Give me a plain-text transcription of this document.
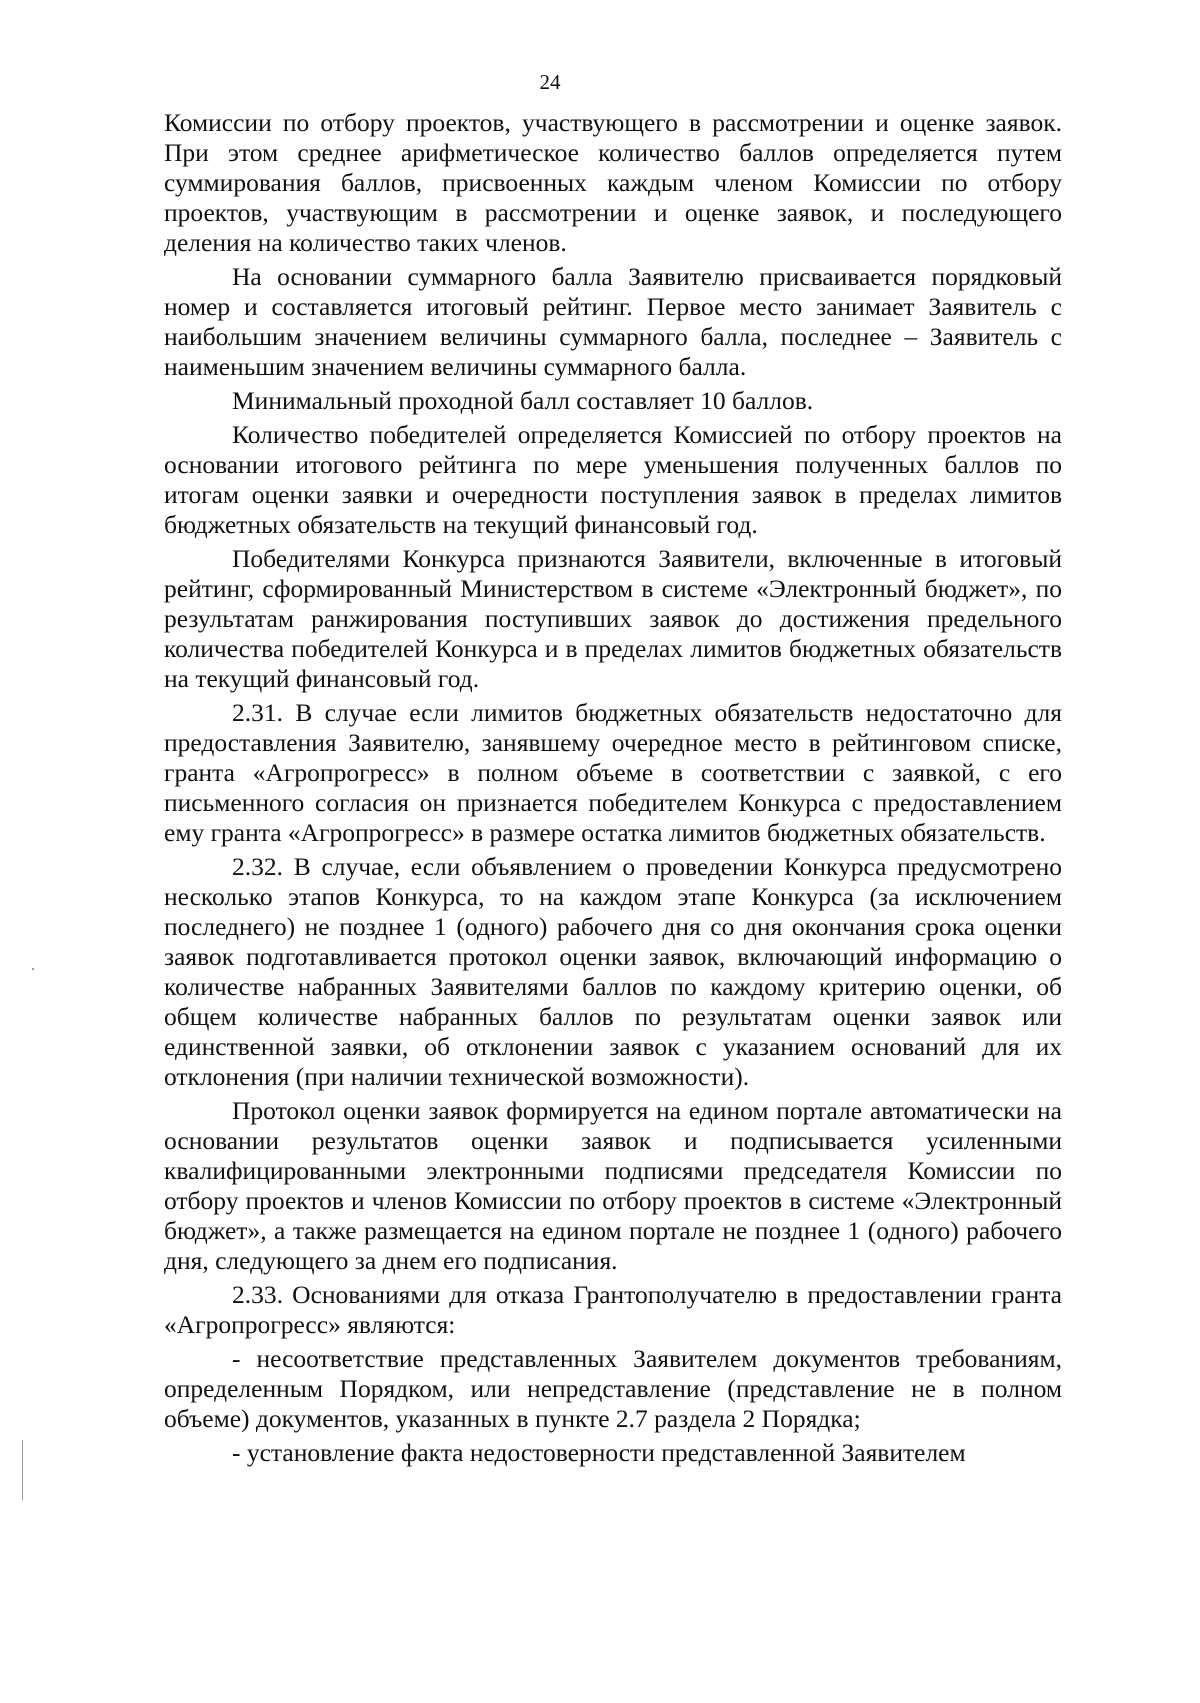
24

Комиссии по отбору проектов, участвующего в рассмотрении и оценке заявок. При этом среднее арифметическое количество баллов определяется путем суммирования баллов, присвоенных каждым членом Комиссии по отбору проектов, участвующим в рассмотрении и оценке заявок, и последующего деления на количество таких членов.

На основании суммарного балла Заявителю присваивается порядковый номер и составляется итоговый рейтинг. Первое место занимает Заявитель с наибольшим значением величины суммарного балла, последнее – Заявитель с наименьшим значением величины суммарного балла.

Минимальный проходной балл составляет 10 баллов.

Количество победителей определяется Комиссией по отбору проектов на основании итогового рейтинга по мере уменьшения полученных баллов по итогам оценки заявки и очередности поступления заявок в пределах лимитов бюджетных обязательств на текущий финансовый год.

Победителями Конкурса признаются Заявители, включенные в итоговый рейтинг, сформированный Министерством в системе «Электронный бюджет», по результатам ранжирования поступивших заявок до достижения предельного количества победителей Конкурса и в пределах лимитов бюджетных обязательств на текущий финансовый год.

2.31. В случае если лимитов бюджетных обязательств недостаточно для предоставления Заявителю, занявшему очередное место в рейтинговом списке, гранта «Агропрогресс» в полном объеме в соответствии с заявкой, с его письменного согласия он признается победителем Конкурса с предоставлением ему гранта «Агропрогресс» в размере остатка лимитов бюджетных обязательств.

2.32. В случае, если объявлением о проведении Конкурса предусмотрено несколько этапов Конкурса, то на каждом этапе Конкурса (за исключением последнего) не позднее 1 (одного) рабочего дня со дня окончания срока оценки заявок подготавливается протокол оценки заявок, включающий информацию о количестве набранных Заявителями баллов по каждому критерию оценки, об общем количестве набранных баллов по результатам оценки заявок или единственной заявки, об отклонении заявок с указанием оснований для их отклонения (при наличии технической возможности).

Протокол оценки заявок формируется на едином портале автоматически на основании результатов оценки заявок и подписывается усиленными квалифицированными электронными подписями председателя Комиссии по отбору проектов и членов Комиссии по отбору проектов в системе «Электронный бюджет», а также размещается на едином портале не позднее 1 (одного) рабочего дня, следующего за днем его подписания.

2.33. Основаниями для отказа Грантополучателю в предоставлении гранта «Агропрогресс» являются:

- несоответствие представленных Заявителем документов требованиям, определенным Порядком, или непредставление (представление не в полном объеме) документов, указанных в пункте 2.7 раздела 2 Порядка;

- установление факта недостоверности представленной Заявителем
